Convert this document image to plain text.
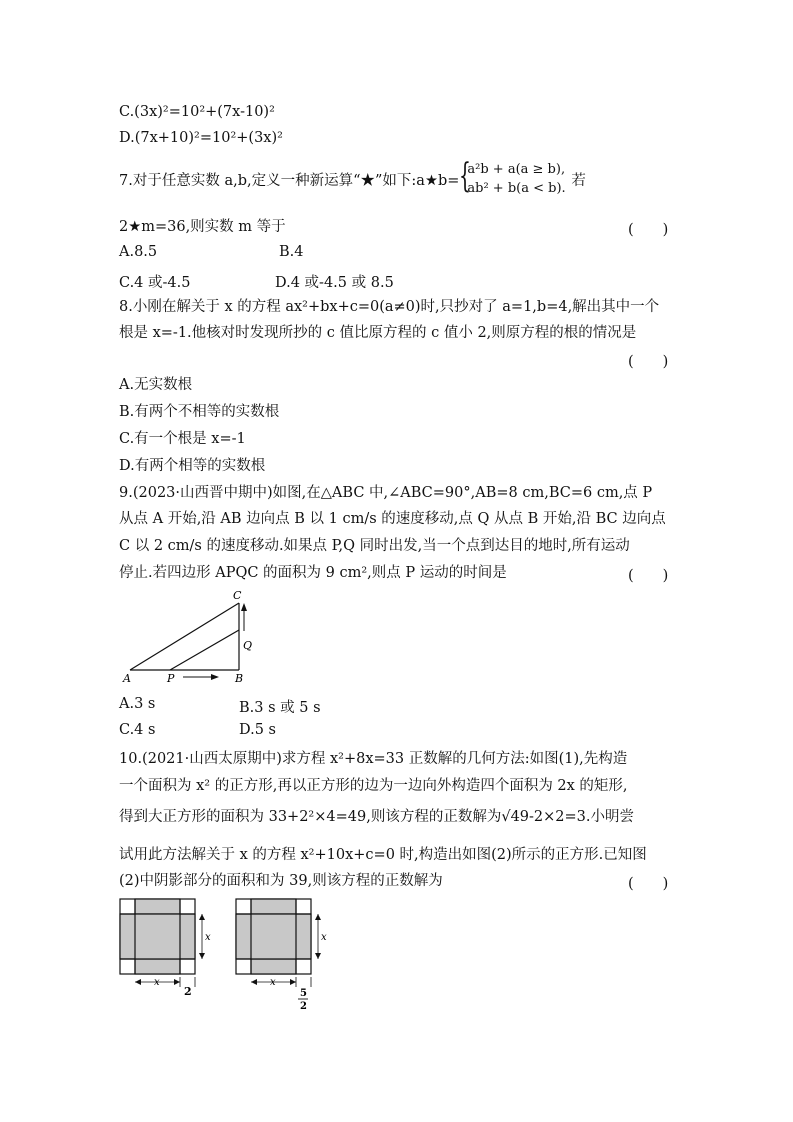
C.(3x)²=10²+(7x-10)²
D.(7x+10)²=10²+(3x)²
7.对于任意实数 a,b,定义一种新运算“★”如下:a★b= {
a²b + a(a ≥ b),
ab² + b(a < b). 若
2★m=36,则实数 m 等于	(　　)
A.8.5	B.4
C.4 或-4.5	D.4 或-4.5 或 8.5
8.小刚在解关于 x 的方程 ax²+bx+c=0(a≠0)时,只抄对了 a=1,b=4,解出其中一个
根是 x=-1.他核对时发现所抄的 c 值比原方程的 c 值小 2,则原方程的根的情况是
(　　)
A.无实数根
B.有两个不相等的实数根
C.有一个根是 x=-1
D.有两个相等的实数根
9.(2023·山西晋中期中)如图,在△ABC 中,∠ABC=90°,AB=8 cm,BC=6 cm,点 P
从点 A 开始,沿 AB 边向点 B 以 1 cm/s 的速度移动,点 Q 从点 B 开始,沿 BC 边向点
C 以 2 cm/s 的速度移动.如果点 P,Q 同时出发,当一个点到达目的地时,所有运动
停止.若四边形 APQC 的面积为 9 cm²,则点 P 运动的时间是	(　　)
A	P	B
Q
C
A.3 s	B.3 s 或 5 s
C.4 s	D.5 s
10.(2021·山西太原期中)求方程 x²+8x=33 正数解的几何方法:如图(1),先构造
一个面积为 x² 的正方形,再以正方形的边为一边向外构造四个面积为 2x 的矩形,
得到大正方形的面积为 33+2²×4=49,则该方程的正数解为√49-2×2=3.小明尝
试用此方法解关于 x 的方程 x²+10x+c=0 时,构造出如图(2)所示的正方形.已知图
(2)中阴影部分的面积和为 39,则该方程的正数解为	(　　)
x
x
2
x
x
5
2
